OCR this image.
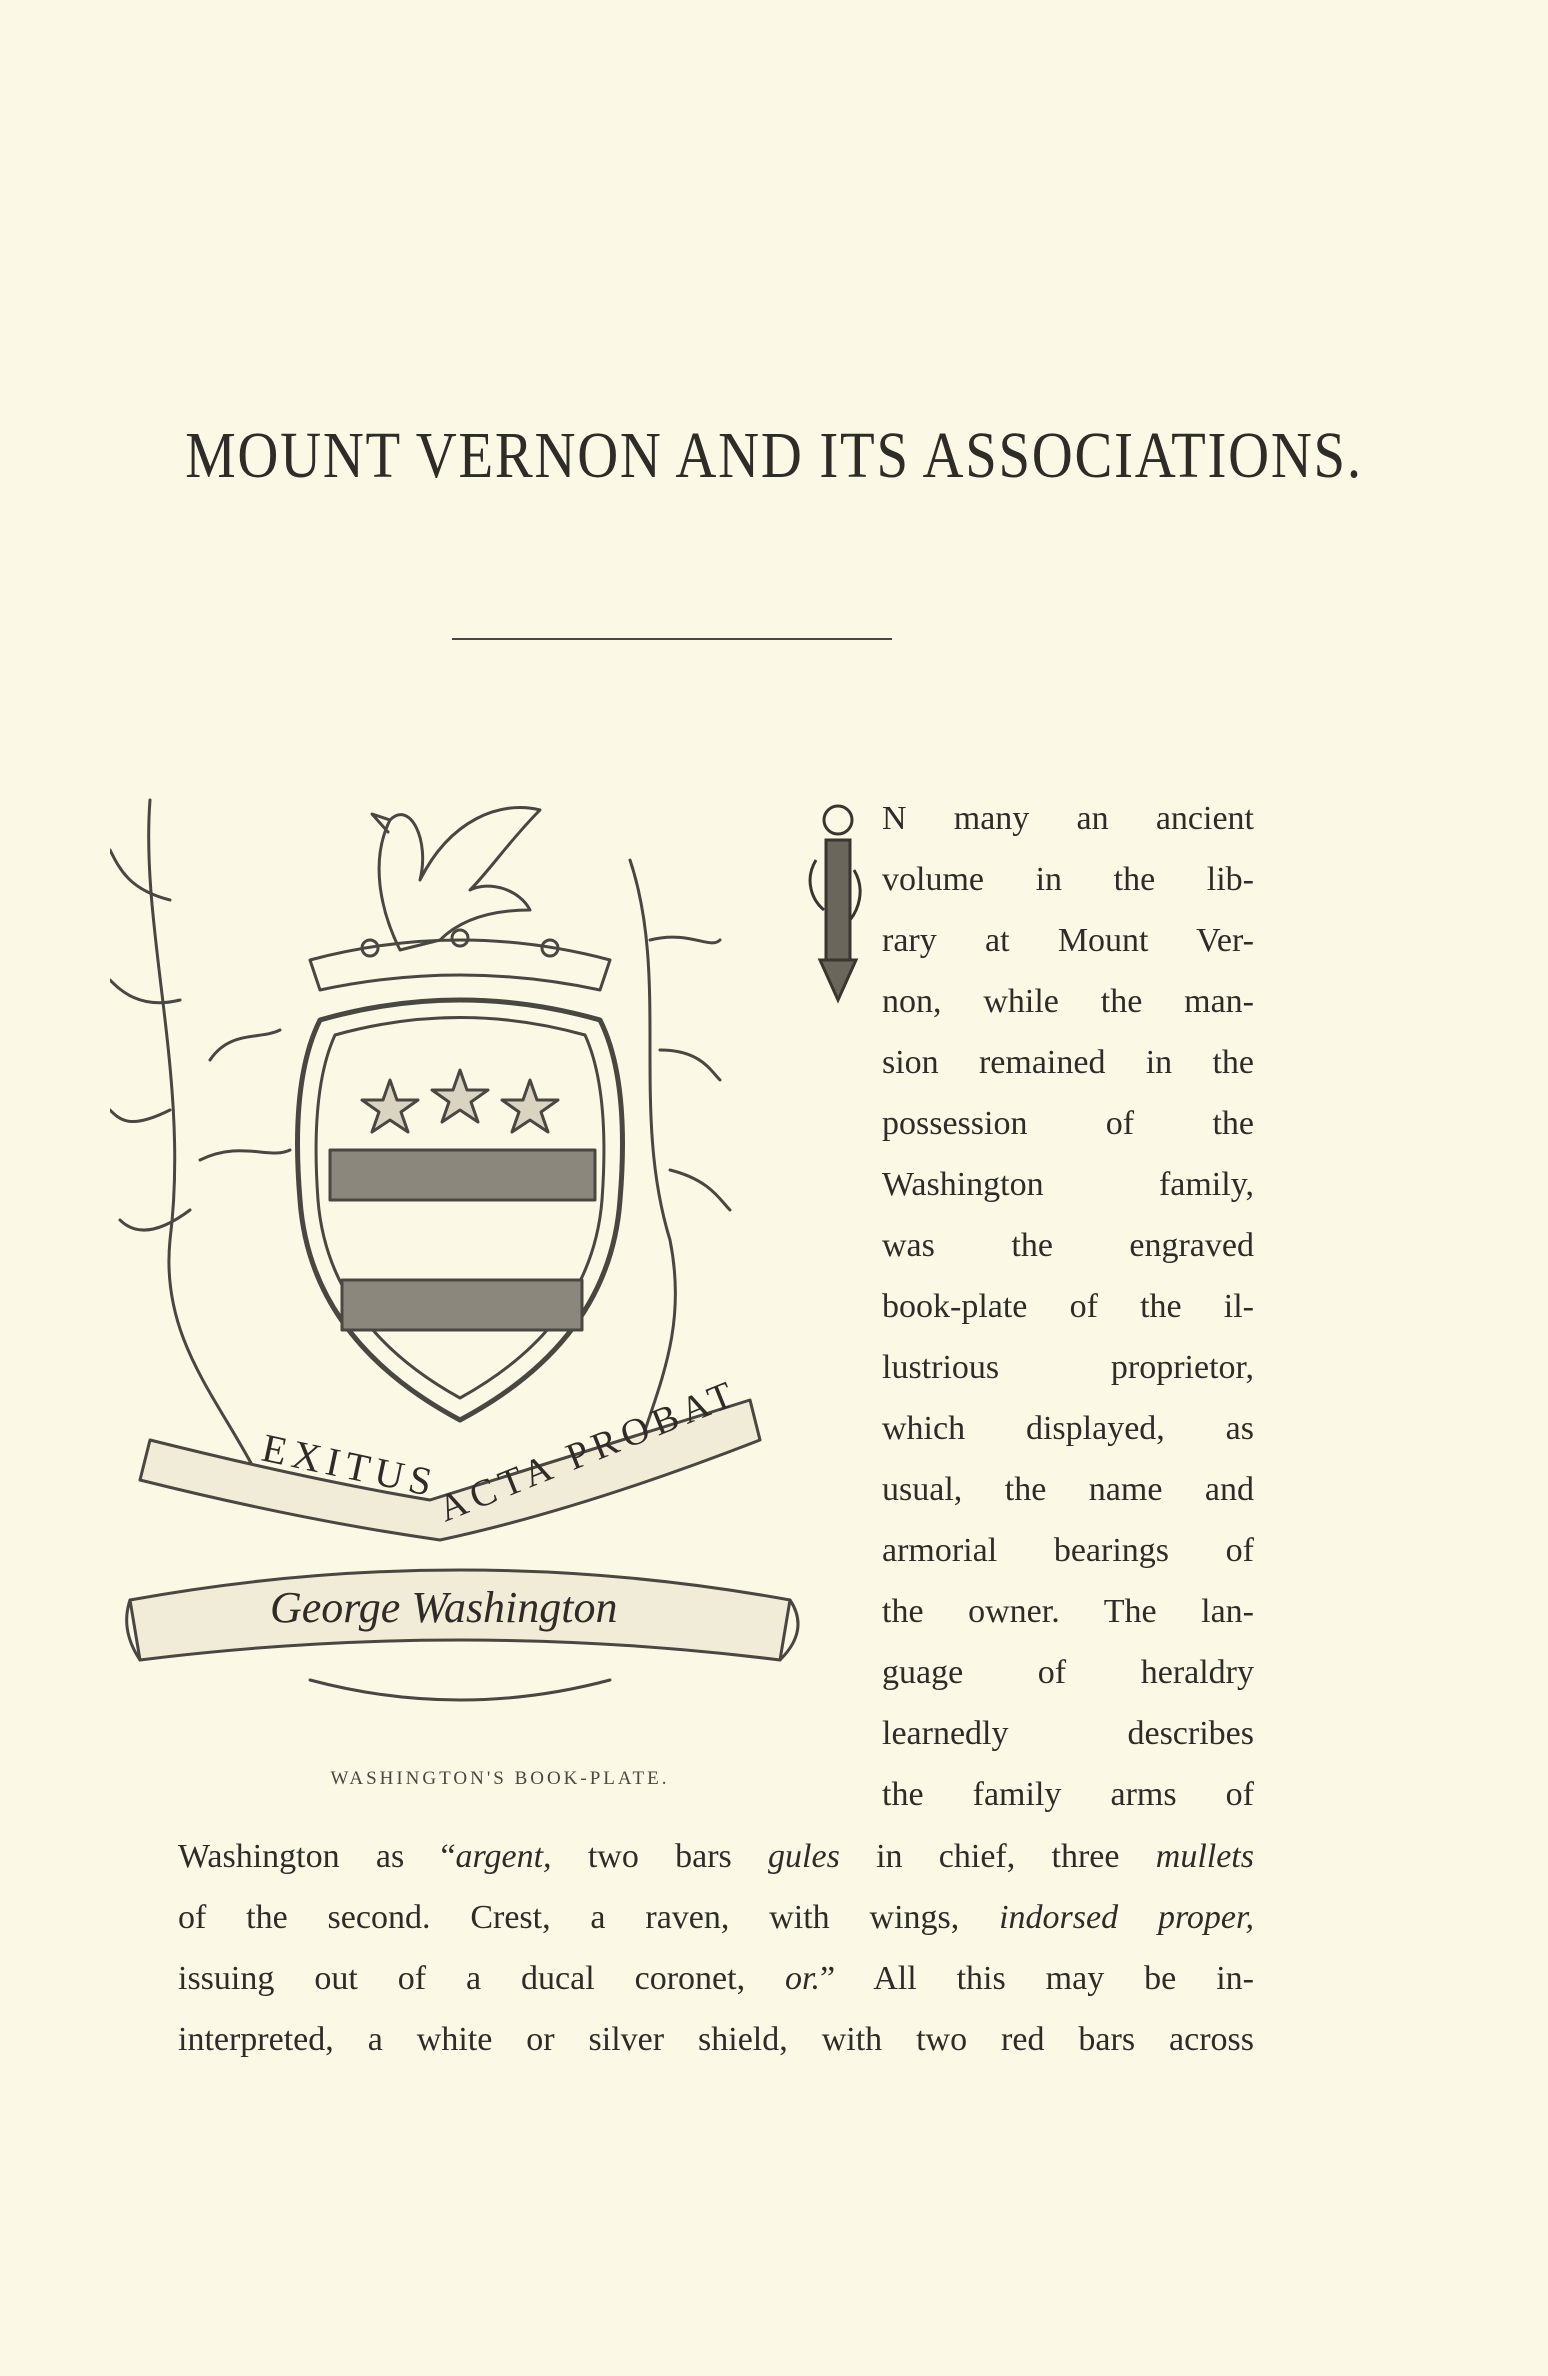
MOUNT VERNON AND ITS ASSOCIATIONS.
EXITUS
ACTA PROBAT
George Washington
WASHINGTON'S BOOK-PLATE.
N many an ancient
volume in the lib-
rary at Mount Ver-
non, while the man-
sion remained in the
possession of the
Washington family,
was the engraved
book-plate of the il-
lustrious proprietor,
which displayed, as
usual, the name and
armorial bearings of
the owner. The lan-
guage of heraldry
learnedly describes
the family arms of
Washington as “argent, two bars gules in chief, three mullets
of the second. Crest, a raven, with wings, indorsed proper,
issuing out of a ducal coronet, or.” All this may be in-
interpreted, a white or silver shield, with two red bars across
